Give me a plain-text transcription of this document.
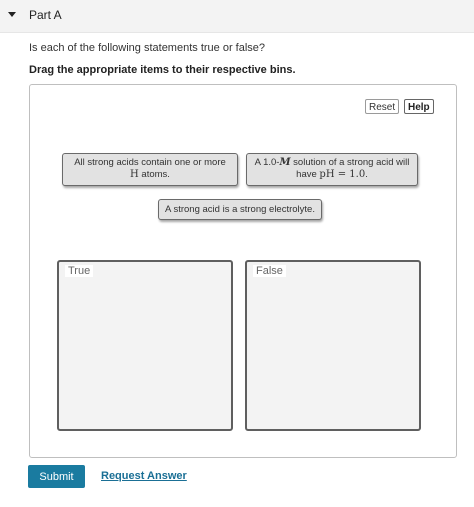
Part A
Is each of the following statements true or false?
Drag the appropriate items to their respective bins.
Reset	Help
All strong acids contain one or more
H atoms.
A 1.0-M solution of a strong acid will
have pH = 1.0.
A strong acid is a strong electrolyte.
True	False
Submit	Request Answer
